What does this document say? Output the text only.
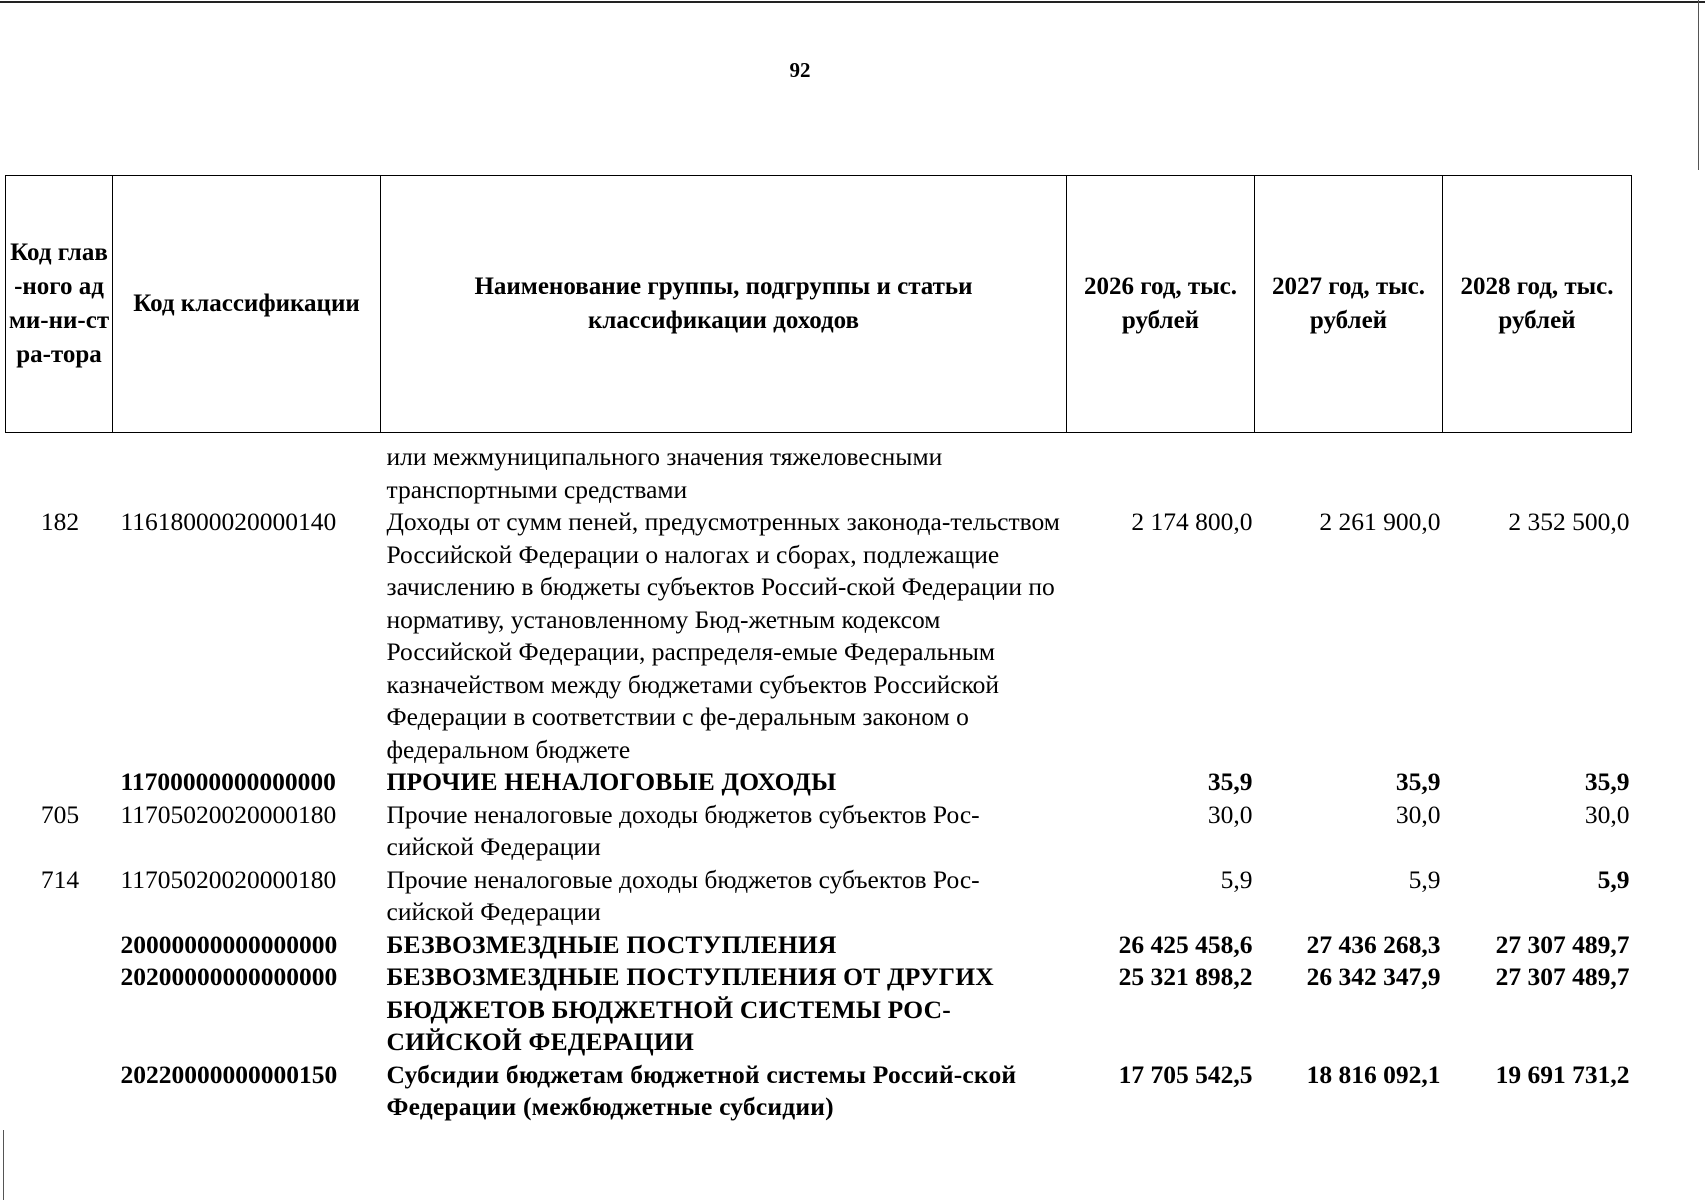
92
Код глав-ного адми-ни-стра-тора	Код классификации	Наименование группы, подгруппы и статьи классификации доходов	2026 год, тыс. рублей	2027 год, тыс. рублей	2028 год, тыс. рублей
		или межмуниципального значения тяжеловесными транспортными средствами			
182	11618000020000140	Доходы от сумм пеней, предусмотренных законода-тельством Российской Федерации о налогах и сборах, подлежащие зачислению в бюджеты субъектов Россий-ской Федерации по нормативу, установленному Бюд-жетным кодексом Российской Федерации, распределя-емые Федеральным казначейством между бюджетами субъектов Российской Федерации в соответствии с фе-деральным законом о федеральном бюджете	2 174 800,0	2 261 900,0	2 352 500,0
	11700000000000000	ПРОЧИЕ НЕНАЛОГОВЫЕ ДОХОДЫ	35,9	35,9	35,9
705	11705020020000180	Прочие неналоговые доходы бюджетов субъектов Рос-сийской Федерации	30,0	30,0	30,0
714	11705020020000180	Прочие неналоговые доходы бюджетов субъектов Рос-сийской Федерации	5,9	5,9	5,9
	20000000000000000	БЕЗВОЗМЕЗДНЫЕ ПОСТУПЛЕНИЯ	26 425 458,6	27 436 268,3	27 307 489,7
	20200000000000000	БЕЗВОЗМЕЗДНЫЕ ПОСТУПЛЕНИЯ ОТ ДРУГИХ БЮДЖЕТОВ БЮДЖЕТНОЙ СИСТЕМЫ РОС-СИЙСКОЙ ФЕДЕРАЦИИ	25 321 898,2	26 342 347,9	27 307 489,7
	20220000000000150	Субсидии бюджетам бюджетной системы Россий-ской Федерации (межбюджетные субсидии)	17 705 542,5	18 816 092,1	19 691 731,2
